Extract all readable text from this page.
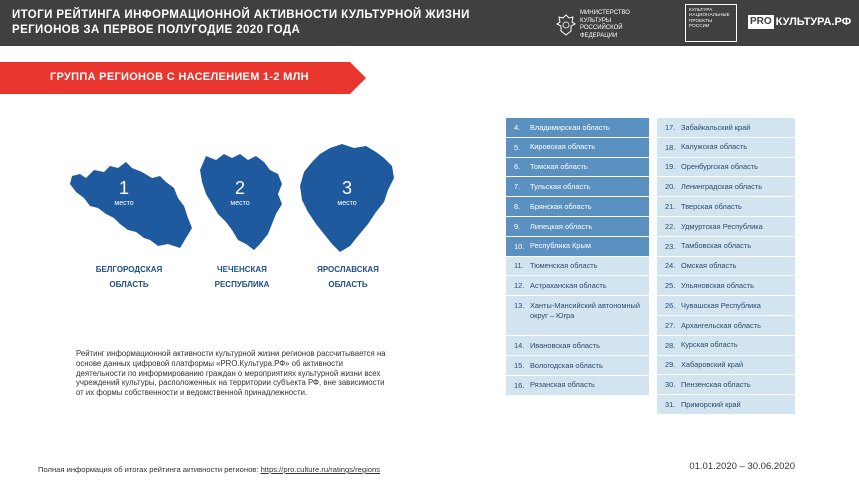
ИТОГИ РЕЙТИНГА ИНФОРМАЦИОННОЙ АКТИВНОСТИ КУЛЬТУРНОЙ ЖИЗНИ РЕГИОНОВ ЗА ПЕРВОЕ ПОЛУГОДИЕ 2020 ГОДА
МИНИСТЕРСТВО КУЛЬТУРЫ РОССИЙСКОЙ ФЕДЕРАЦИИ
КУЛЬТУРА НАЦИОНАЛЬНЫЕ ПРОЕКТЫ РОССИИ	PRO КУЛЬТУРА.РФ
ГРУППА РЕГИОНОВ С НАСЕЛЕНИЕМ 1-2 МЛН
1
место
БЕЛГОРОДСКАЯ
ОБЛАСТЬ
2
место
ЧЕЧЕНСКАЯ
РЕСПУБЛИКА
3
место
ЯРОСЛАВСКАЯ
ОБЛАСТЬ
Рейтинг информационной активности культурной жизни регионов рассчитывается на основе данных цифровой платформы «PRO.Культура.РФ» об активности деятельности по информированию граждан о мероприятиях культурной жизни всех учреждений культуры, расположенных на территории субъекта РФ, вне зависимости от их формы собственности и ведомственной принадлежности.
4.	Владимирская область
5.	Кировская область
6.	Томская область
7.	Тульская область
8.	Брянская область
9.	Липецкая область
10. Республика Крым
11. Тюменская область
12. Астраханская область
13. Ханты-Мансийский автономный округ – Югра
14. Ивановская область
15. Вологодская область
16. Рязанская область
17. Забайкальский край
18. Калужская область
19. Оренбургская область
20. Ленинградская область
21. Тверская область
22. Удмуртская Республика
23. Тамбовская область
24. Омская область
25. Ульяновская область
26. Чувашская Республика
27. Архангельская область
28. Курская область
29. Хабаровский край
30. Пензенская область
31. Приморский край
Полная информация об итогах рейтинга активности регионов: https://pro.culture.ru/ratings/regions	01.01.2020 – 30.06.2020
